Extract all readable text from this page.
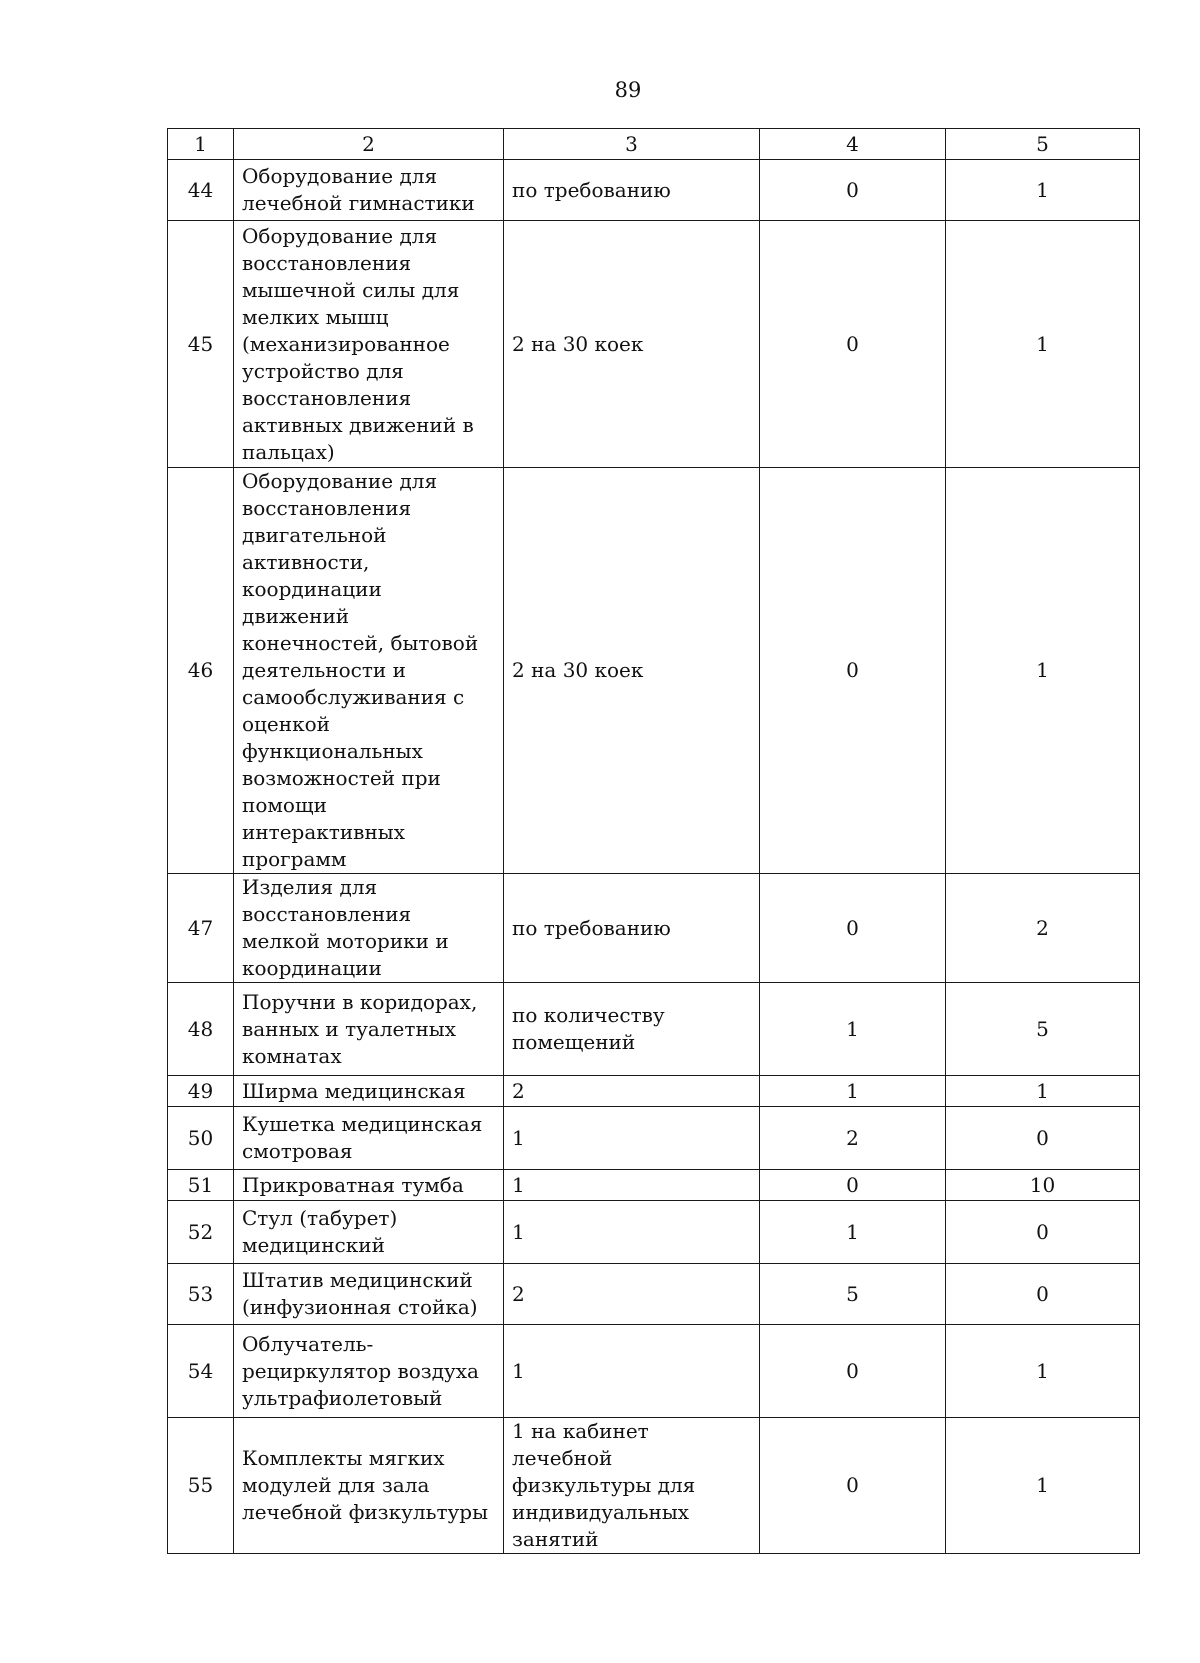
89
1	2	3	4	5
44	Оборудование для лечебной гимнастики	по требованию	0	1
45	Оборудование для восстановления мышечной силы для мелких мышц (механизированное устройство для восстановления активных движений в пальцах)	2 на 30 коек	0	1
46	Оборудование для восстановления двигательной активности, координации движений конечностей, бытовой деятельности и самообслуживания с оценкой функциональных возможностей при помощи интерактивных программ	2 на 30 коек	0	1
47	Изделия для восстановления мелкой моторики и координации	по требованию	0	2
48	Поручни в коридорах, ванных и туалетных комнатах	по количеству помещений	1	5
49	Ширма медицинская	2	1	1
50	Кушетка медицинская смотровая	1	2	0
51	Прикроватная тумба	1	0	10
52	Стул (табурет) медицинский	1	1	0
53	Штатив медицинский (инфузионная стойка)	2	5	0
54	Облучатель-рециркулятор воздуха ультрафиолетовый	1	0	1
55	Комплекты мягких модулей для зала лечебной физкультуры	1 на кабинет лечебной физкультуры для индивидуальных занятий	0	1
